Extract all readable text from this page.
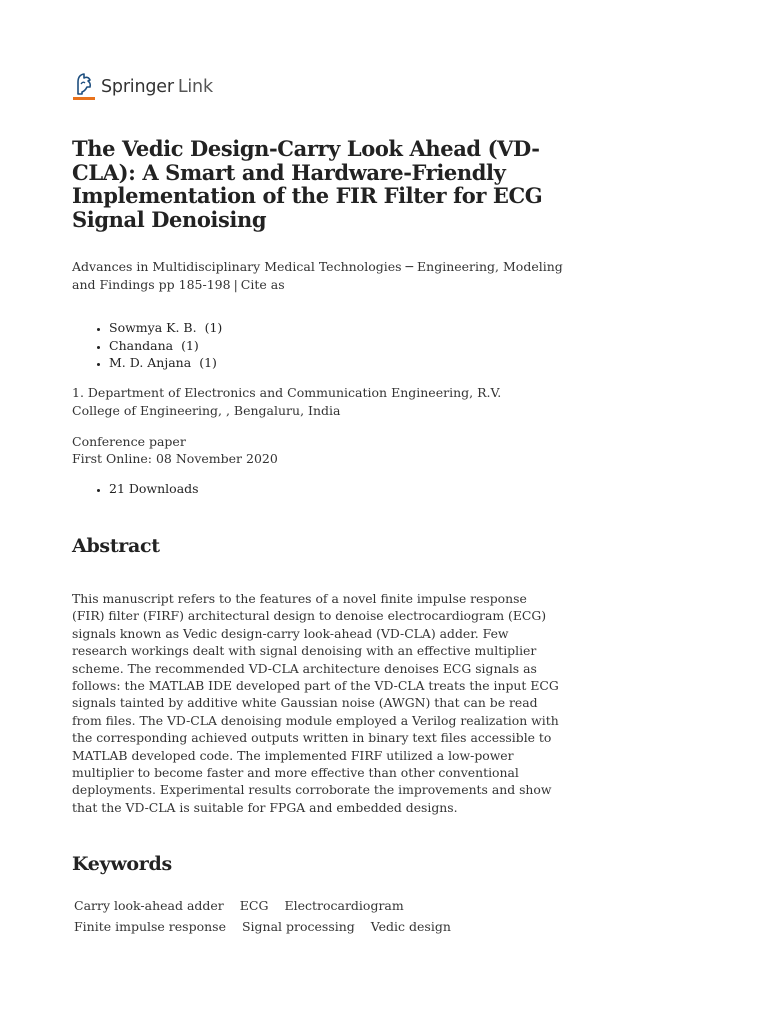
Springer Link
The Vedic Design-Carry Look Ahead (VD-CLA): A Smart and Hardware-Friendly Implementation of the FIR Filter for ECG Signal Denoising
Advances in Multidisciplinary Medical Technologies ─ Engineering, Modeling and Findings pp 185-198 | Cite as
• Sowmya K. B. (1)
• Chandana (1)
• M. D. Anjana (1)
1. Department of Electronics and Communication Engineering, R.V. College of Engineering, , Bengaluru, India
Conference paper
First Online: 08 November 2020
• 21 Downloads
Abstract

This manuscript refers to the features of a novel finite impulse response (FIR) filter (FIRF) architectural design to denoise electrocardiogram (ECG) signals known as Vedic design-carry look-ahead (VD-CLA) adder. Few research workings dealt with signal denoising with an effective multiplier scheme. The recommended VD-CLA architecture denoises ECG signals as follows: the MATLAB IDE developed part of the VD-CLA treats the input ECG signals tainted by additive white Gaussian noise (AWGN) that can be read from files. The VD-CLA denoising module employed a Verilog realization with the corresponding achieved outputs written in binary text files accessible to MATLAB developed code. The implemented FIRF utilized a low-power multiplier to become faster and more effective than other conventional deployments. Experimental results corroborate the improvements and show that the VD-CLA is suitable for FPGA and embedded designs.

Keywords
Carry look-ahead adder ECG Electrocardiogram Finite impulse response Signal processing Vedic design
